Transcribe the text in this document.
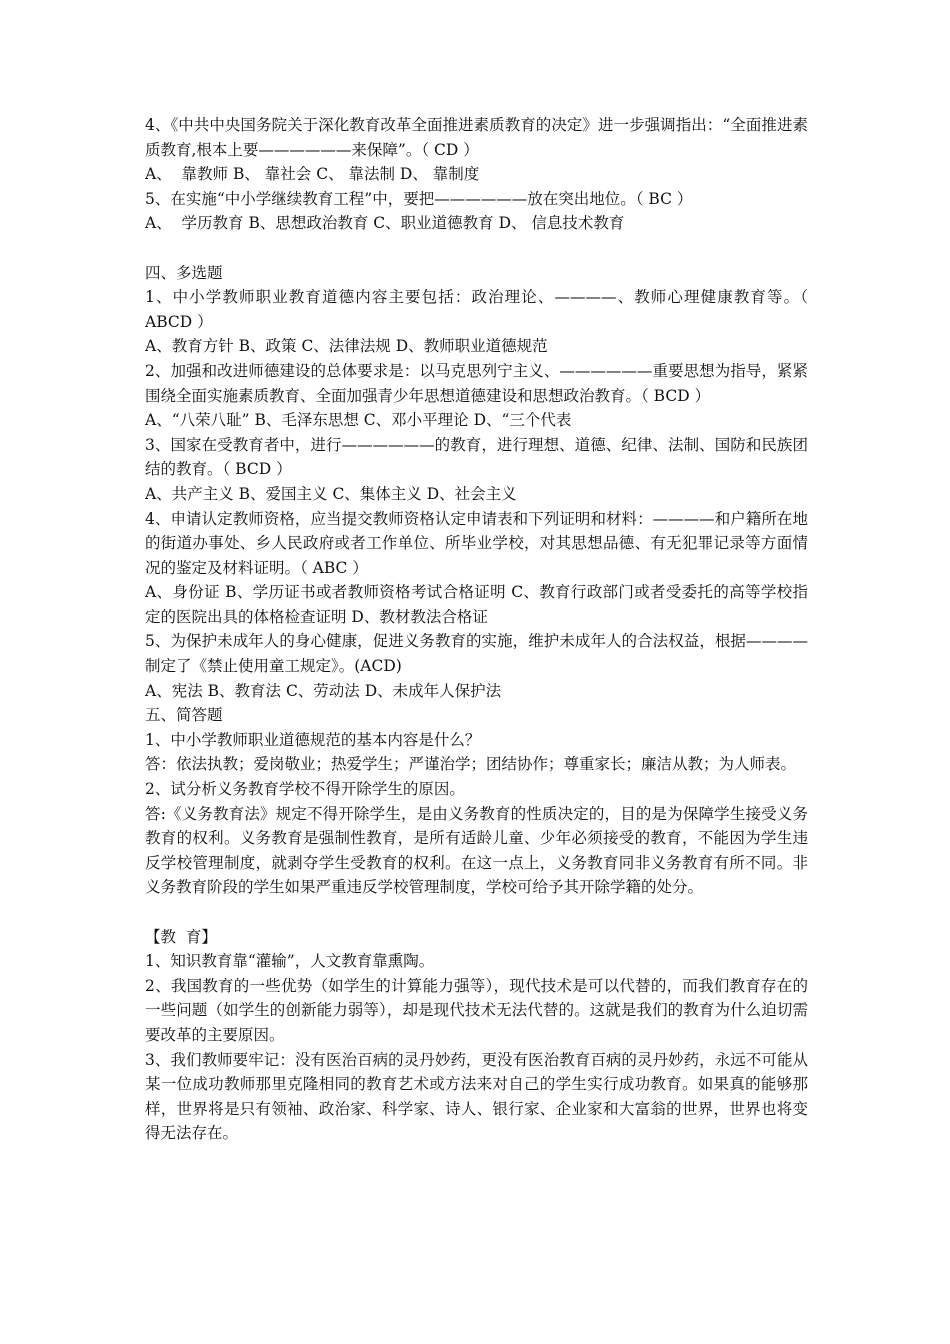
4、《中共中央国务院关于深化教育改革全面推进素质教育的决定》进一步强调指出：“全面推进素质教育,根本上要——————来保障”。（ CD ）

A、  靠教师 B、 靠社会 C、 靠法制 D、 靠制度

5、在实施“中小学继续教育工程”中，要把——————放在突出地位。（ BC ）

A、  学历教育 B、思想政治教育 C、职业道德教育 D、 信息技术教育

四、多选题

1、中小学教师职业教育道德内容主要包括：政治理论、————、教师心理健康教育等。（ ABCD ）

A、教育方针 B、政策 C、法律法规 D、教师职业道德规范

2、加强和改进师德建设的总体要求是：以马克思列宁主义、——————重要思想为指导，紧紧围绕全面实施素质教育、全面加强青少年思想道德建设和思想政治教育。（ BCD ）

A、“八荣八耻” B、毛泽东思想 C、邓小平理论 D、“三个代表

3、国家在受教育者中，进行——————的教育，进行理想、道德、纪律、法制、国防和民族团结的教育。（ BCD ）

A、共产主义 B、爱国主义 C、集体主义 D、社会主义

4、申请认定教师资格，应当提交教师资格认定申请表和下列证明和材料：————和户籍所在地的街道办事处、乡人民政府或者工作单位、所毕业学校，对其思想品德、有无犯罪记录等方面情况的鉴定及材料证明。（ ABC ）

A、身份证 B、学历证书或者教师资格考试合格证明 C、教育行政部门或者受委托的高等学校指定的医院出具的体格检查证明 D、教材教法合格证

5、为保护未成年人的身心健康，促进义务教育的实施，维护未成年人的合法权益，根据————制定了《禁止使用童工规定》。(ACD)

A、宪法 B、教育法 C、劳动法 D、未成年人保护法

五、简答题

1、中小学教师职业道德规范的基本内容是什么？

答：依法执教；爱岗敬业；热爱学生；严谨治学；团结协作；尊重家长；廉洁从教；为人师表。

2、试分析义务教育学校不得开除学生的原因。

答:《义务教育法》规定不得开除学生，是由义务教育的性质决定的，目的是为保障学生接受义务教育的权利。义务教育是强制性教育，是所有适龄儿童、少年必须接受的教育，不能因为学生违反学校管理制度，就剥夺学生受教育的权利。在这一点上，义务教育同非义务教育有所不同。非义务教育阶段的学生如果严重违反学校管理制度，学校可给予其开除学籍的处分。

【教  育】

1、知识教育靠“灌输”，人文教育靠熏陶。

2、我国教育的一些优势（如学生的计算能力强等），现代技术是可以代替的，而我们教育存在的一些问题（如学生的创新能力弱等），却是现代技术无法代替的。这就是我们的教育为什么迫切需要改革的主要原因。

3、我们教师要牢记：没有医治百病的灵丹妙药，更没有医治教育百病的灵丹妙药，永远不可能从某一位成功教师那里克隆相同的教育艺术或方法来对自己的学生实行成功教育。如果真的能够那样，世界将是只有领袖、政治家、科学家、诗人、银行家、企业家和大富翁的世界，世界也将变得无法存在。
